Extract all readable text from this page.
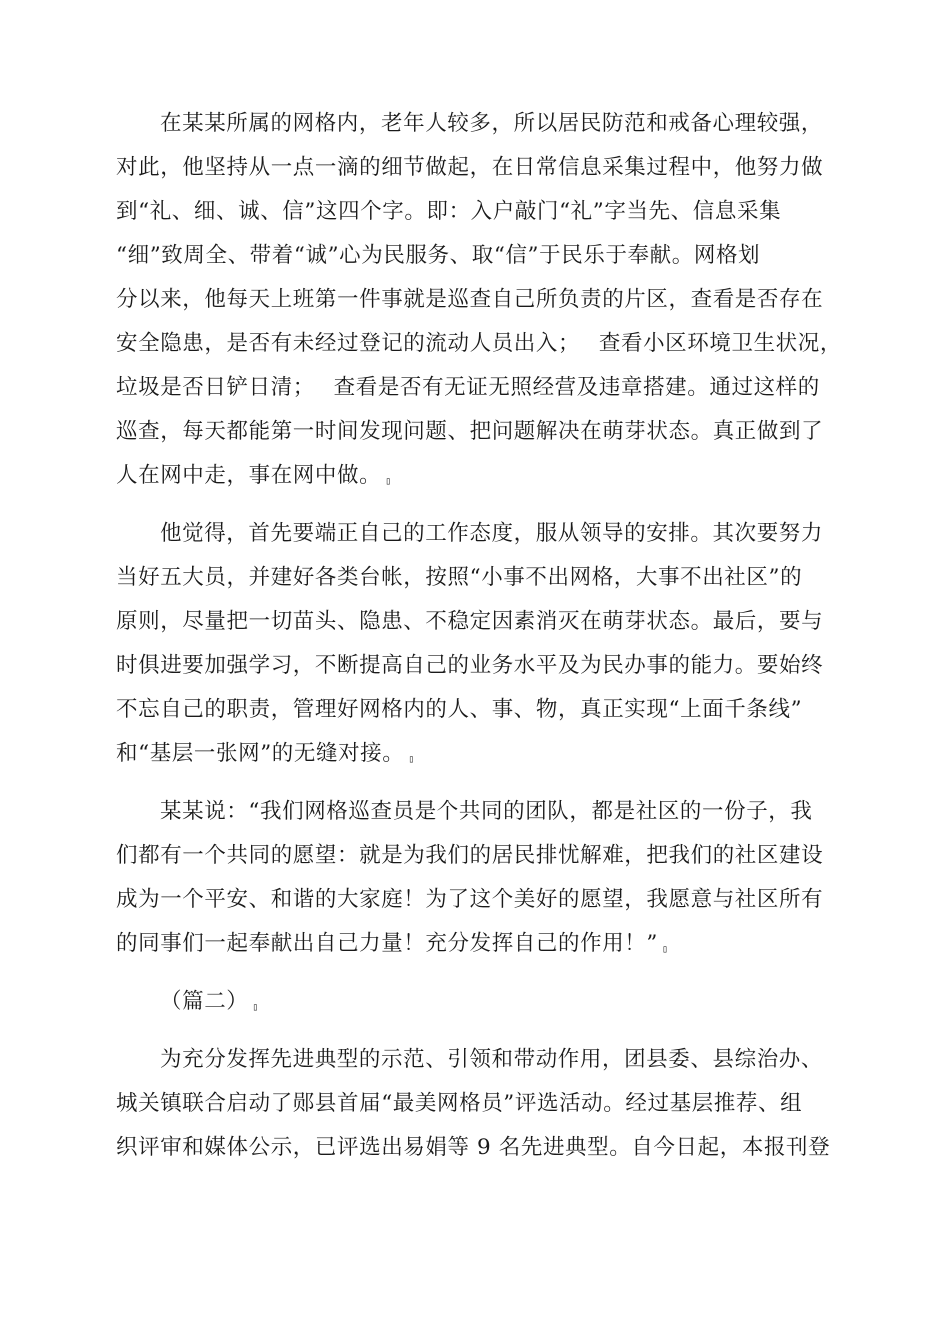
在某某所属的网格内，老年人较多，所以居民防范和戒备心理较强，
对此，他坚持从一点一滴的细节做起，在日常信息采集过程中，他努力做
到“礼、细、诚、信”这四个字。即：入户敲门“礼”字当先、信息采集
“细”致周全、带着“诚”心为民服务、取“信”于民乐于奉献。网格划
分以来，他每天上班第一件事就是巡查自己所负责的片区，查看是否存在
安全隐患，是否有未经过登记的流动人员出入；　 查看小区环境卫生状况，
垃圾是否日铲日清；　 查看是否有无证无照经营及违章搭建。通过这样的
巡查，每天都能第一时间发现问题、把问题解决在萌芽状态。真正做到了
人在网中走，事在网中做。 ▯
他觉得，首先要端正自己的工作态度，服从领导的安排。其次要努力
当好五大员，并建好各类台帐，按照“小事不出网格，大事不出社区”的
原则，尽量把一切苗头、隐患、不稳定因素消灭在萌芽状态。最后，要与
时俱进要加强学习，不断提高自己的业务水平及为民办事的能力。要始终
不忘自己的职责，管理好网格内的人、事、物，真正实现“上面千条线”
和“基层一张网”的无缝对接。 ▯
某某说：“我们网格巡查员是个共同的团队，都是社区的一份子，我
们都有一个共同的愿望：就是为我们的居民排忧解难，把我们的社区建设
成为一个平安、和谐的大家庭！为了这个美好的愿望，我愿意与社区所有
的同事们一起奉献出自己力量！充分发挥自己的作用！” ▯
（篇二） ▯
为充分发挥先进典型的示范、引领和带动作用，团县委、县综治办、
城关镇联合启动了郧县首届“最美网格员”评选活动。经过基层推荐、组
织评审和媒体公示，已评选出易娟等 9 名先进典型。自今日起，本报刊登
